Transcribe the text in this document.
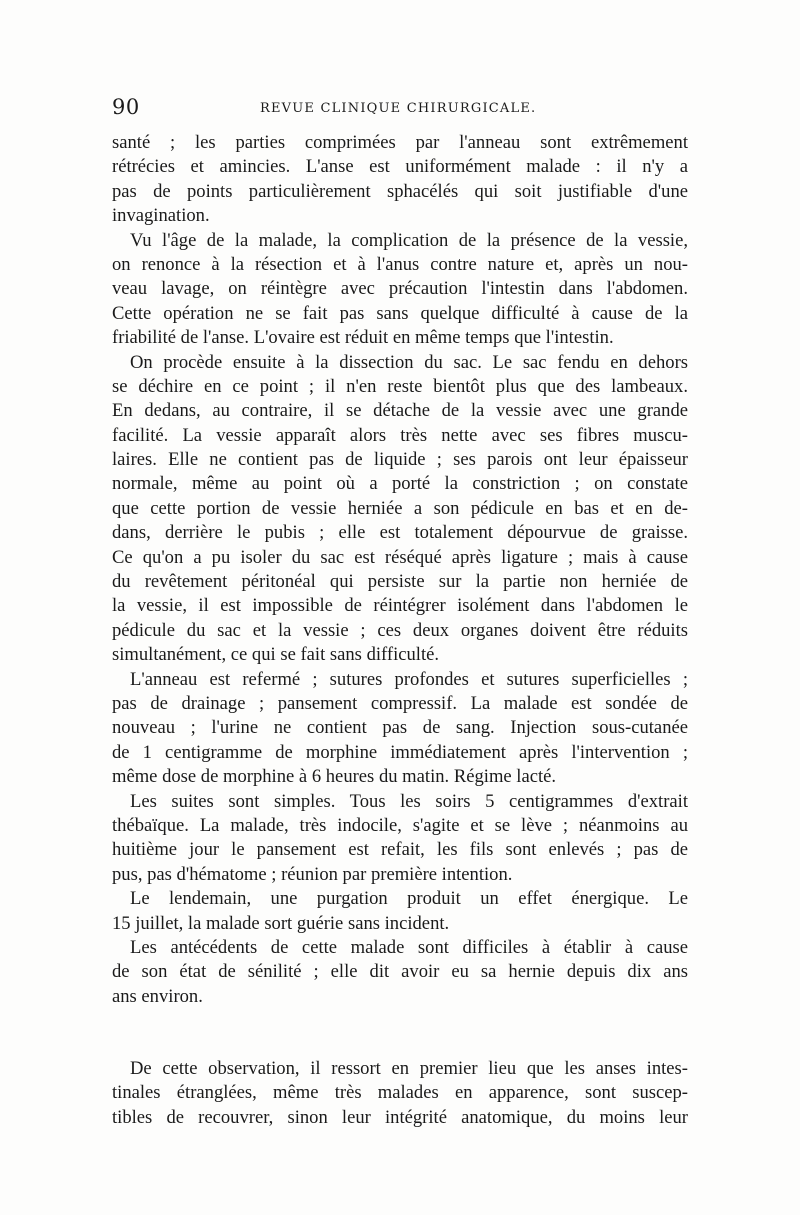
90	REVUE CLINIQUE CHIRURGICALE.

santé ; les parties comprimées par l'anneau sont extrêmement
rétrécies et amincies. L'anse est uniformément malade : il n'y a
pas de points particulièrement sphacélés qui soit justifiable d'une
invagination.

Vu l'âge de la malade, la complication de la présence de la vessie,
on renonce à la résection et à l'anus contre nature et, après un nou-
veau lavage, on réintègre avec précaution l'intestin dans l'abdomen.
Cette opération ne se fait pas sans quelque difficulté à cause de la
friabilité de l'anse. L'ovaire est réduit en même temps que l'intestin.

On procède ensuite à la dissection du sac. Le sac fendu en dehors
se déchire en ce point ; il n'en reste bientôt plus que des lambeaux.
En dedans, au contraire, il se détache de la vessie avec une grande
facilité. La vessie apparaît alors très nette avec ses fibres muscu-
laires. Elle ne contient pas de liquide ; ses parois ont leur épaisseur
normale, même au point où a porté la constriction ; on constate
que cette portion de vessie herniée a son pédicule en bas et en de-
dans, derrière le pubis ; elle est totalement dépourvue de graisse.
Ce qu'on a pu isoler du sac est réséqué après ligature ; mais à cause
du revêtement péritonéal qui persiste sur la partie non herniée de
la vessie, il est impossible de réintégrer isolément dans l'abdomen le
pédicule du sac et la vessie ; ces deux organes doivent être réduits
simultanément, ce qui se fait sans difficulté.

L'anneau est refermé ; sutures profondes et sutures superficielles ;
pas de drainage ; pansement compressif. La malade est sondée de
nouveau ; l'urine ne contient pas de sang. Injection sous-cutanée
de 1 centigramme de morphine immédiatement après l'intervention ;
même dose de morphine à 6 heures du matin. Régime lacté.

Les suites sont simples. Tous les soirs 5 centigrammes d'extrait
thébaïque. La malade, très indocile, s'agite et se lève ; néanmoins au
huitième jour le pansement est refait, les fils sont enlevés ; pas de
pus, pas d'hématome ; réunion par première intention.

Le lendemain, une purgation produit un effet énergique. Le
15 juillet, la malade sort guérie sans incident.

Les antécédents de cette malade sont difficiles à établir à cause
de son état de sénilité ; elle dit avoir eu sa hernie depuis dix ans
ans environ.

De cette observation, il ressort en premier lieu que les anses intes-
tinales étranglées, même très malades en apparence, sont suscep-
tibles de recouvrer, sinon leur intégrité anatomique, du moins leur
